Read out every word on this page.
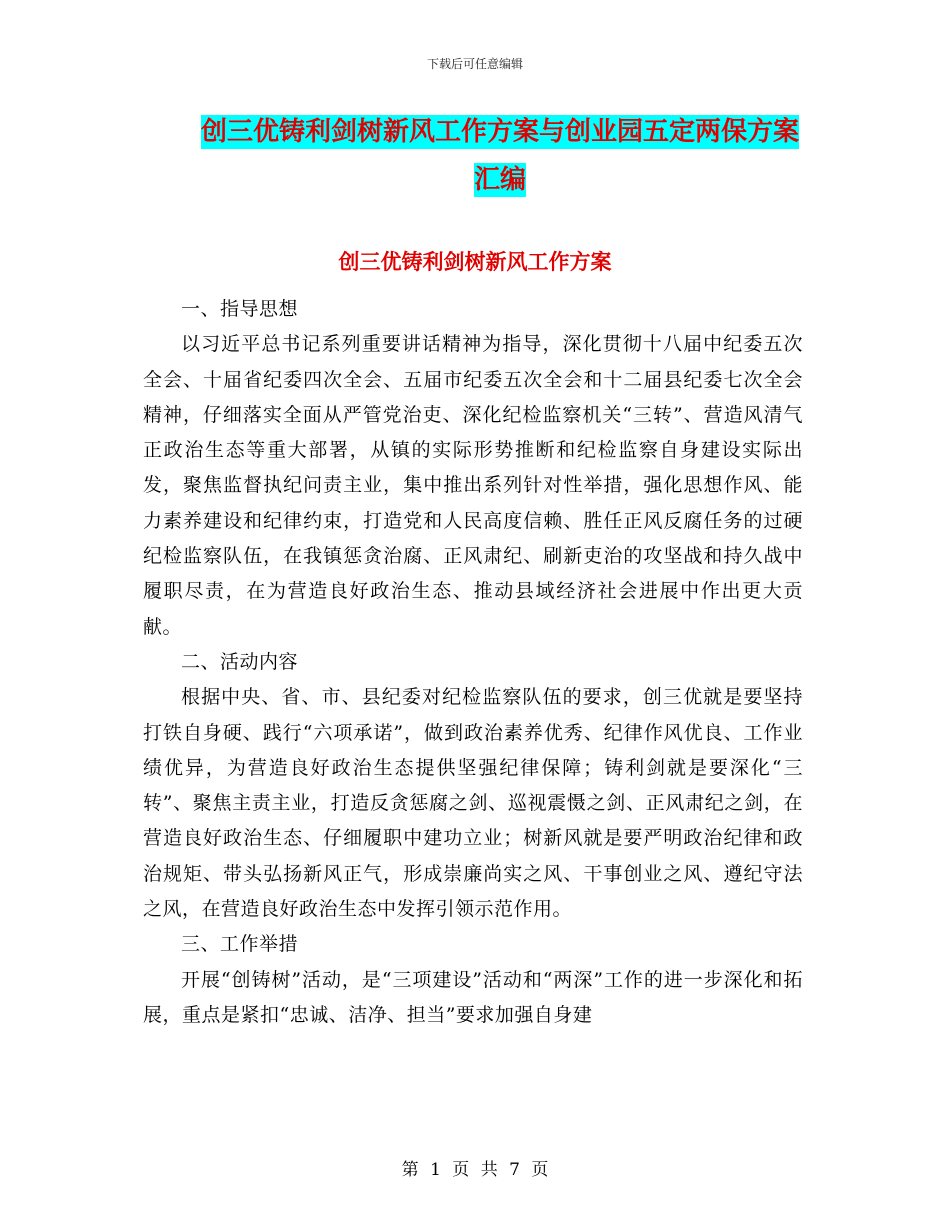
下载后可任意编辑
创三优铸利剑树新风工作方案与创业园五定两保方案
汇编
创三优铸利剑树新风工作方案
一、指导思想

以习近平总书记系列重要讲话精神为指导，深化贯彻十八届中纪委五次全会、十届省纪委四次全会、五届市纪委五次全会和十二届县纪委七次全会精神，仔细落实全面从严管党治吏、深化纪检监察机关“三转”、营造风清气正政治生态等重大部署，从镇的实际形势推断和纪检监察自身建设实际出发，聚焦监督执纪问责主业，集中推出系列针对性举措，强化思想作风、能力素养建设和纪律约束，打造党和人民高度信赖、胜任正风反腐任务的过硬纪检监察队伍，在我镇惩贪治腐、正风肃纪、刷新吏治的攻坚战和持久战中履职尽责，在为营造良好政治生态、推动县域经济社会进展中作出更大贡献。

二、活动内容

根据中央、省、市、县纪委对纪检监察队伍的要求，创三优就是要坚持打铁自身硬、践行“六项承诺”，做到政治素养优秀、纪律作风优良、工作业绩优异，为营造良好政治生态提供坚强纪律保障；铸利剑就是要深化“三转”、聚焦主责主业，打造反贪惩腐之剑、巡视震慑之剑、正风肃纪之剑，在营造良好政治生态、仔细履职中建功立业；树新风就是要严明政治纪律和政治规矩、带头弘扬新风正气，形成崇廉尚实之风、干事创业之风、遵纪守法之风，在营造良好政治生态中发挥引领示范作用。

三、工作举措

开展“创铸树”活动，是“三项建设”活动和“两深”工作的进一步深化和拓展，重点是紧扣“忠诚、洁净、担当”要求加强自身建

第 1 页 共 7 页
